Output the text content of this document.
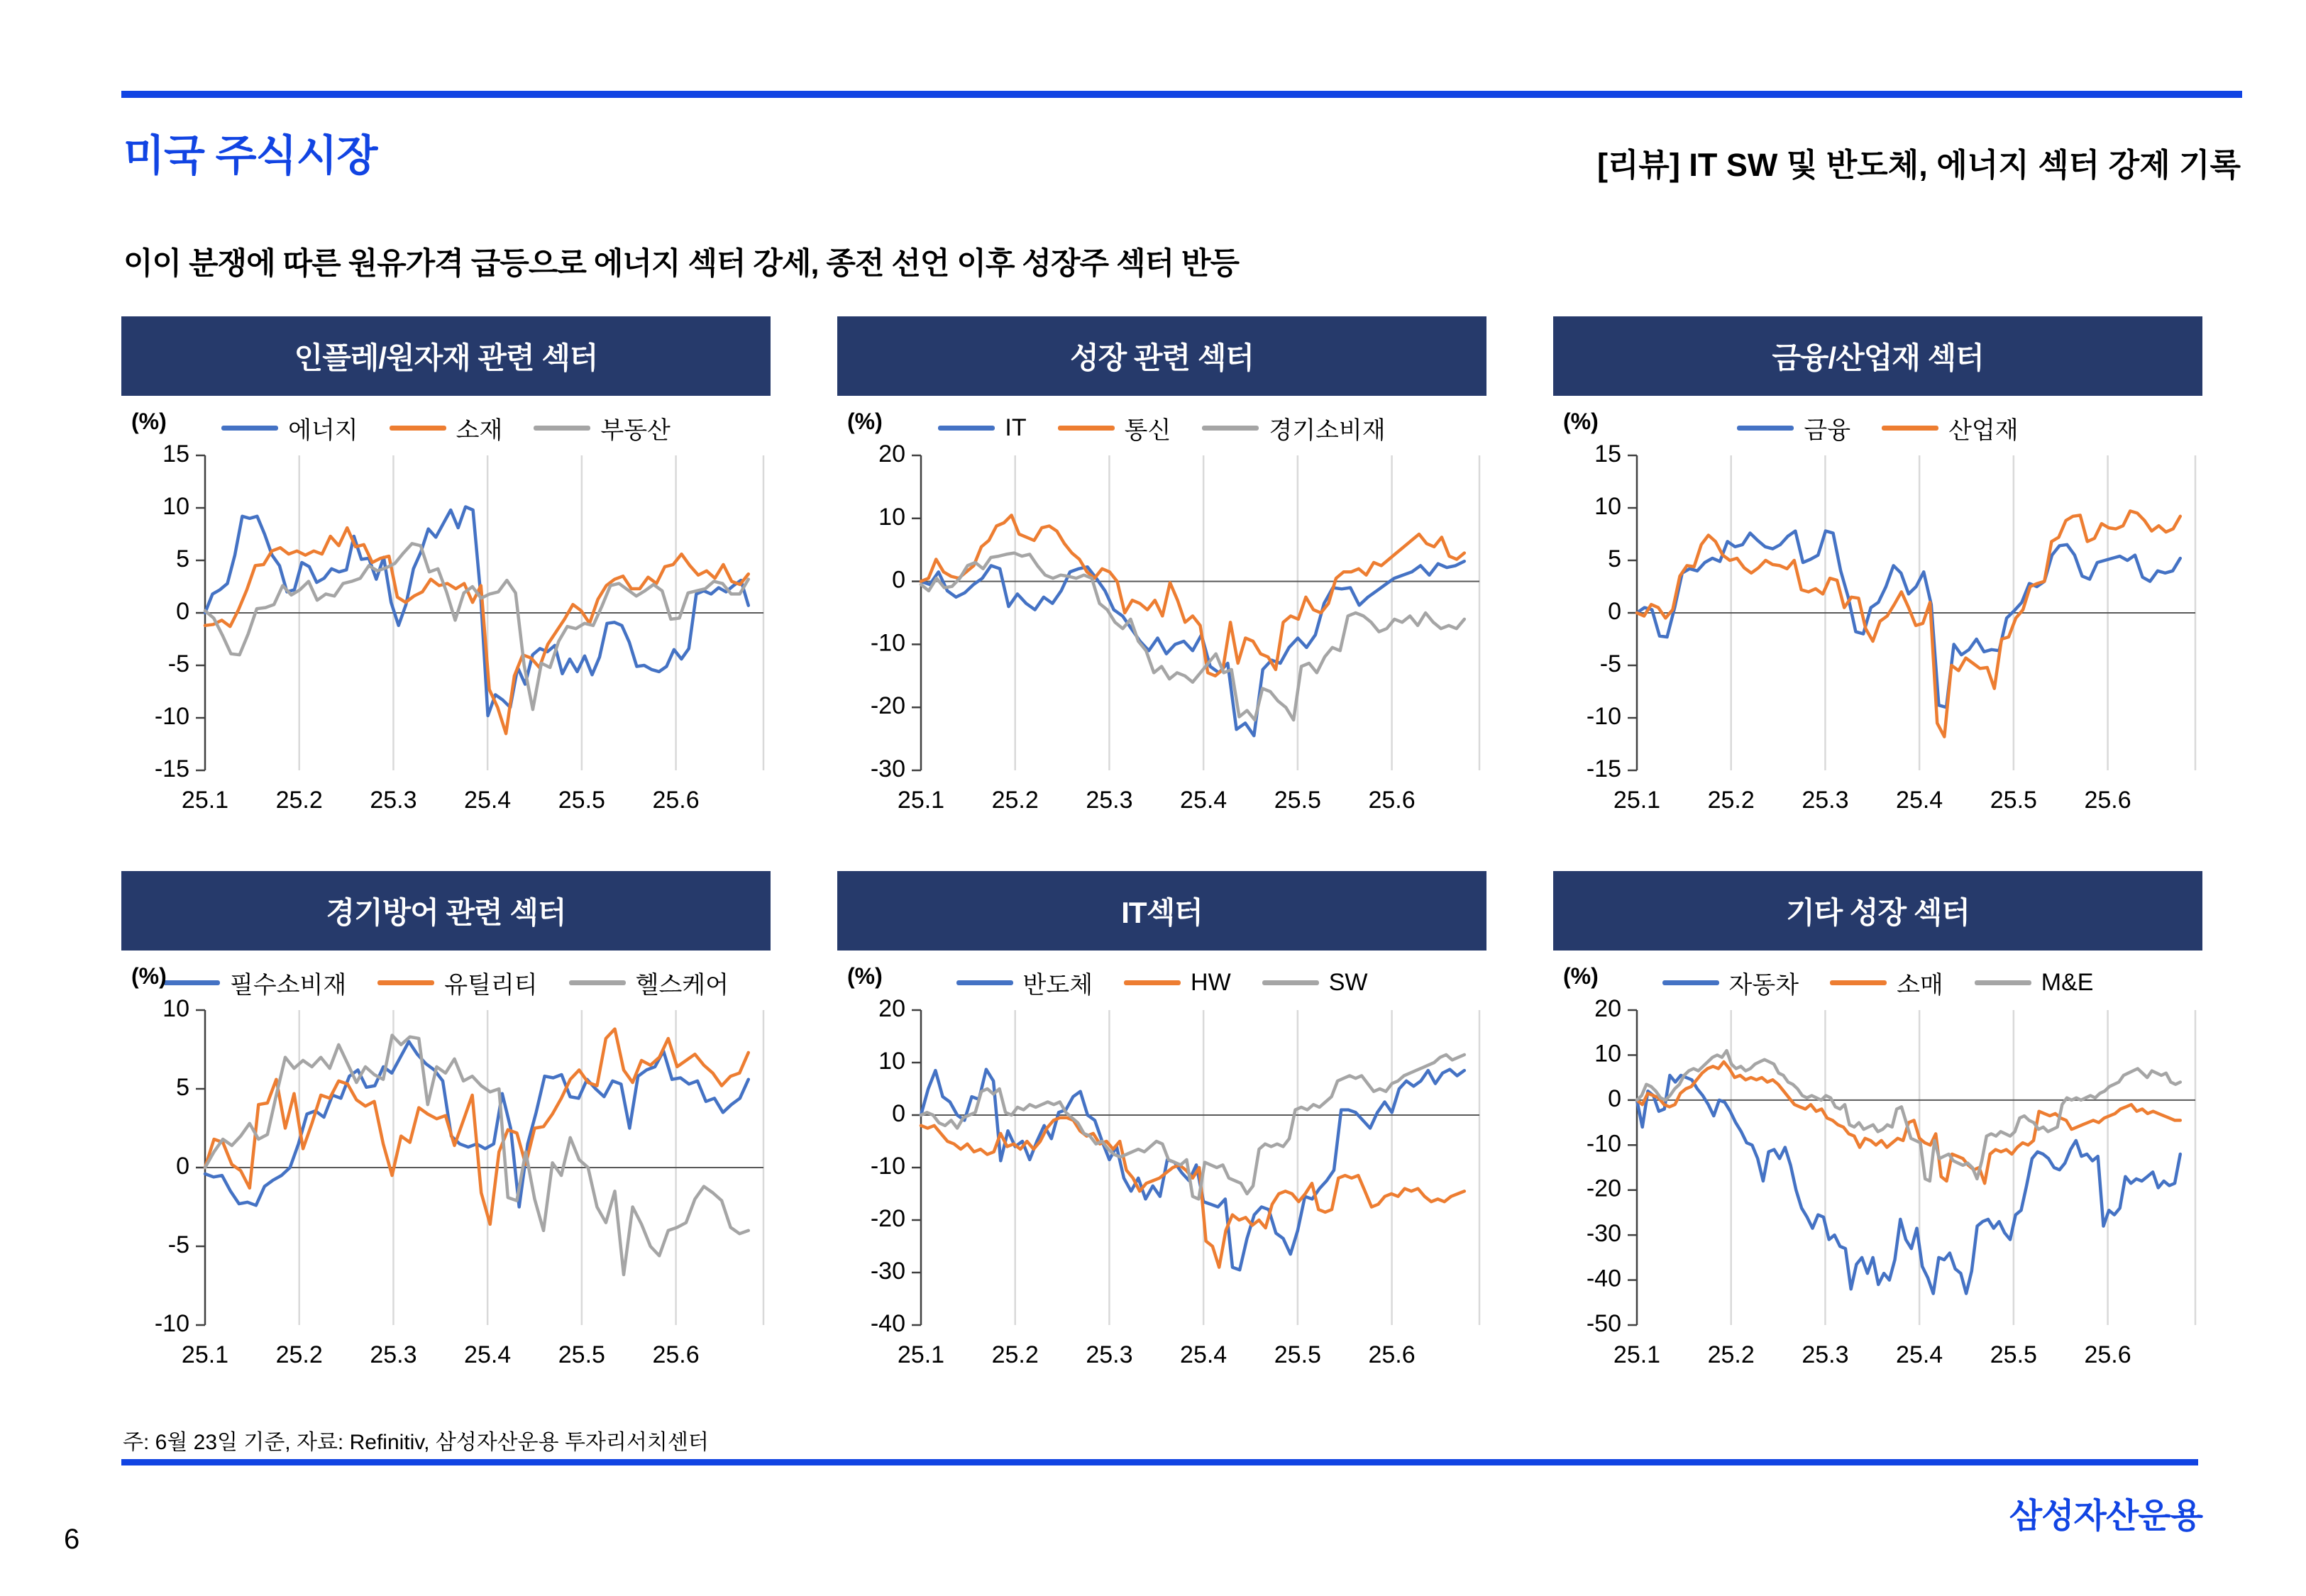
미국 주식시장	[리뷰] IT SW 및 반도체, 에너지 섹터 강제 기록
이이 분쟁에 따른 원유가격 급등으로 에너지 섹터 강세, 종전 선언 이후 성장주 섹터 반등
인플레/원자재 관련 섹터
(%)	에너지	소재	부동산
15
10
5
0
-5
-10
-15
25.1 25.2 25.3 25.4 25.5 25.6
성장 관련 섹터
(%)	IT	통신	경기소비재
20
10
0
-10
-20
-30
25.1 25.2 25.3 25.4 25.5 25.6
금융/산업재 섹터
(%)	금융	산업재
15
10
5
0
-5
-10
-15
25.1 25.2 25.3 25.4 25.5 25.6
경기방어 관련 섹터
(%)	필수소비재	유틸리티	헬스케어
10
5
0
-5
-10
25.1 25.2 25.3 25.4 25.5 25.6
IT섹터
(%)	반도체	HW	SW
20
10
0
-10
-20
-30
-40
25.1 25.2 25.3 25.4 25.5 25.6
기타 성장 섹터
(%)	자동차	소매	M&E
20
10
0
-10
-20
-30
-40
-50
25.1 25.2 25.3 25.4 25.5 25.6
주: 6월 23일 기준, 자료: Refinitiv, 삼성자산운용 투자리서치센터
6
삼성자산운용
